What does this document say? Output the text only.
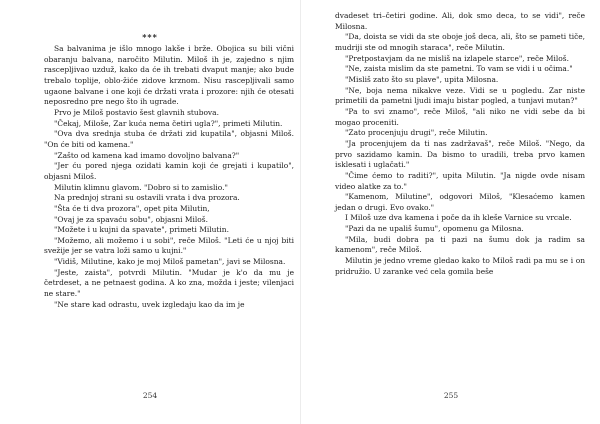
***

Sa balvanima je išlo mnogo lakše i brže. Obojica su bili vični obaranju balvana, naročito Milutin. Miloš ih je, zajedno s njim rascepljivao uzduž, kako da će ih trebati dvaput manje; ako bude trebalo toplije, oblo-žiće zidove krznom. Nisu rascepljivali samo ugaone balvane i one koji će držati vrata i prozore: njih će otesati neposredno pre nego što ih ugrade.

Prvo je Miloš postavio šest glavnih stubova.

"Čekaj, Miloše, Zar kuća nema četiri ugla?", primeti Milutin.

"Ova dva srednja stuba će držati zid kupatila", objasni Miloš. "On će biti od kamena."

"Zašto od kamena kad imamo dovoljno balvana?"

"Jer ću pored njega ozidati kamin koji će grejati i kupatilo", objasni Miloš.

Milutin klimnu glavom. "Dobro si to zamislio."

Na prednjoj strani su ostavili vrata i dva prozora.

"Šta će ti dva prozora", opet pita Milutin,

"Ovaj je za spavaću sobu", objasni Miloš.

"Možete i u kujni da spavate", primeti Milutin.

"Možemo, ali možemo i u sobi", reče Miloš. "Leti će u njoj biti svežije jer se vatra loži samo u kujni."

"Vidiš, Milutine, kako je moj Miloš pametan", javi se Milosna.

"Jeste, zaista", potvrdi Milutin. "Mudar je k'o da mu je četrdeset, a ne petnaest godina. A ko zna, možda i jeste; vilenjaci ne stare."

"Ne stare kad odrastu, uvek izgledaju kao da im je

254

dvadeset tri–četiri godine. Ali, dok smo deca, to se vidi", reče Milosna.

"Da, doista se vidi da ste oboje još deca, ali, što se pameti tiče, mudriji ste od mnogih staraca", reče Milutin.

"Pretpostavjam da ne misliš na izlapele starce", reče Miloš.

"Ne, zaista mislim da ste pametni. To vam se vidi i u očima."

"Misliš zato što su plave", upita Milosna.

"Ne, boja nema nikakve veze. Vidi se u pogledu. Zar niste primetili da pametni ljudi imaju bistar pogled, a tunjavi mutan?"

"Pa to svi znamo", reče Miloš, "ali niko ne vidi sebe da bi mogao proceniti.

"Zato procenjuju drugi", reče Milutin.

"Ja procenjujem da ti nas zadržavaš", reče Miloš. "Nego, da prvo sazidamo kamin. Da bismo to uradili, treba prvo kamen isklesati i uglačati."

"Čime ćemo to raditi?", upita Milutin. "Ja nigde ovde nisam video alatke za to."

"Kamenom, Milutine", odgovori Miloš, "Klesaćemo kamen jedan o drugi. Evo ovako."

I Miloš uze dva kamena i poče da ih kleše Varnice su vrcale.

"Pazi da ne upališ šumu", opomenu ga Milosna.

"Mila, budi dobra pa ti pazi na šumu dok ja radim sa kamenom", reče Miloš.

Milutin je jedno vreme gledao kako to Miloš radi pa mu se i on pridružio. U zaranke već cela gomila beše

255
